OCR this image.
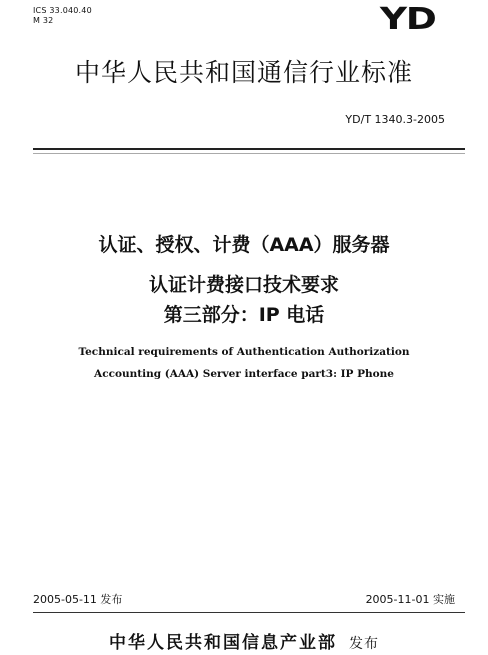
ICS 33.040.40
M 32	YD
中华人民共和国通信行业标准
YD/T 1340.3-2005
认证、授权、计费（AAA）服务器
认证计费接口技术要求
第三部分：IP 电话
Technical requirements of Authentication Authorization
Accounting (AAA) Server interface part3: IP Phone
2005-05-11 发布	2005-11-01 实施
中华人民共和国信息产业部 发布
